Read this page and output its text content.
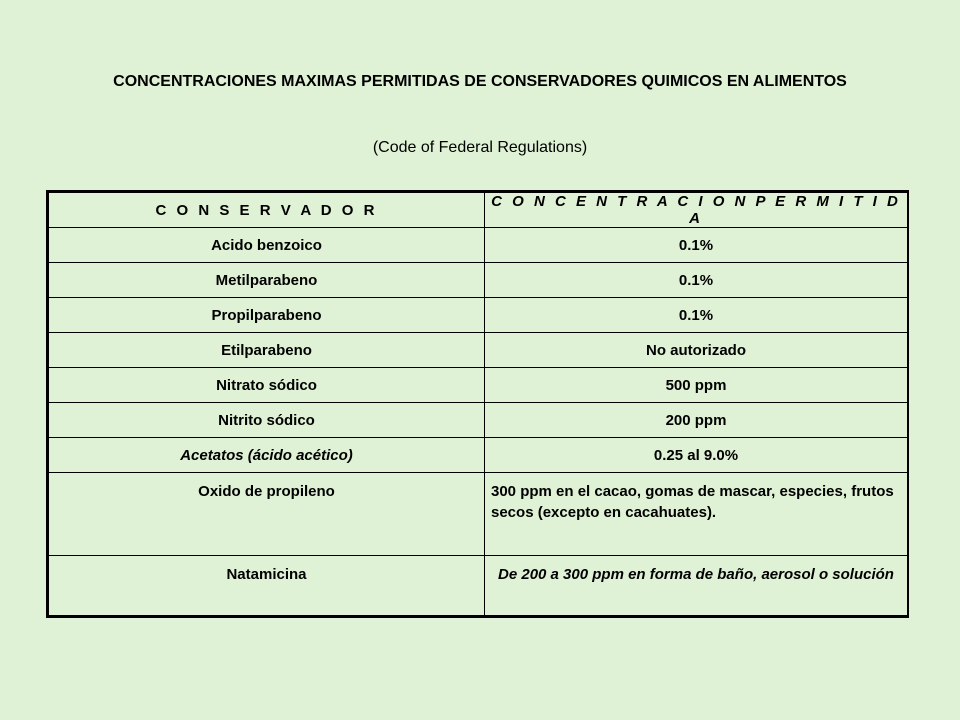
CONCENTRACIONES MAXIMAS PERMITIDAS DE CONSERVADORES QUIMICOS EN ALIMENTOS
(Code of Federal Regulations)
C O N S E R V A D O R	C O N C E N T R A C I O N P E R M I T I D A
Acido benzoico	0.1%
Metilparabeno	0.1%
Propilparabeno	0.1%
Etilparabeno	No autorizado
Nitrato sódico	500 ppm
Nitrito sódico	200 ppm
Acetatos (ácido acético)	0.25 al 9.0%
Oxido de propileno	300 ppm en el cacao, gomas de mascar, especies, frutos secos (excepto en cacahuates).
Natamicina	De 200 a 300 ppm en forma de baño, aerosol o solución
